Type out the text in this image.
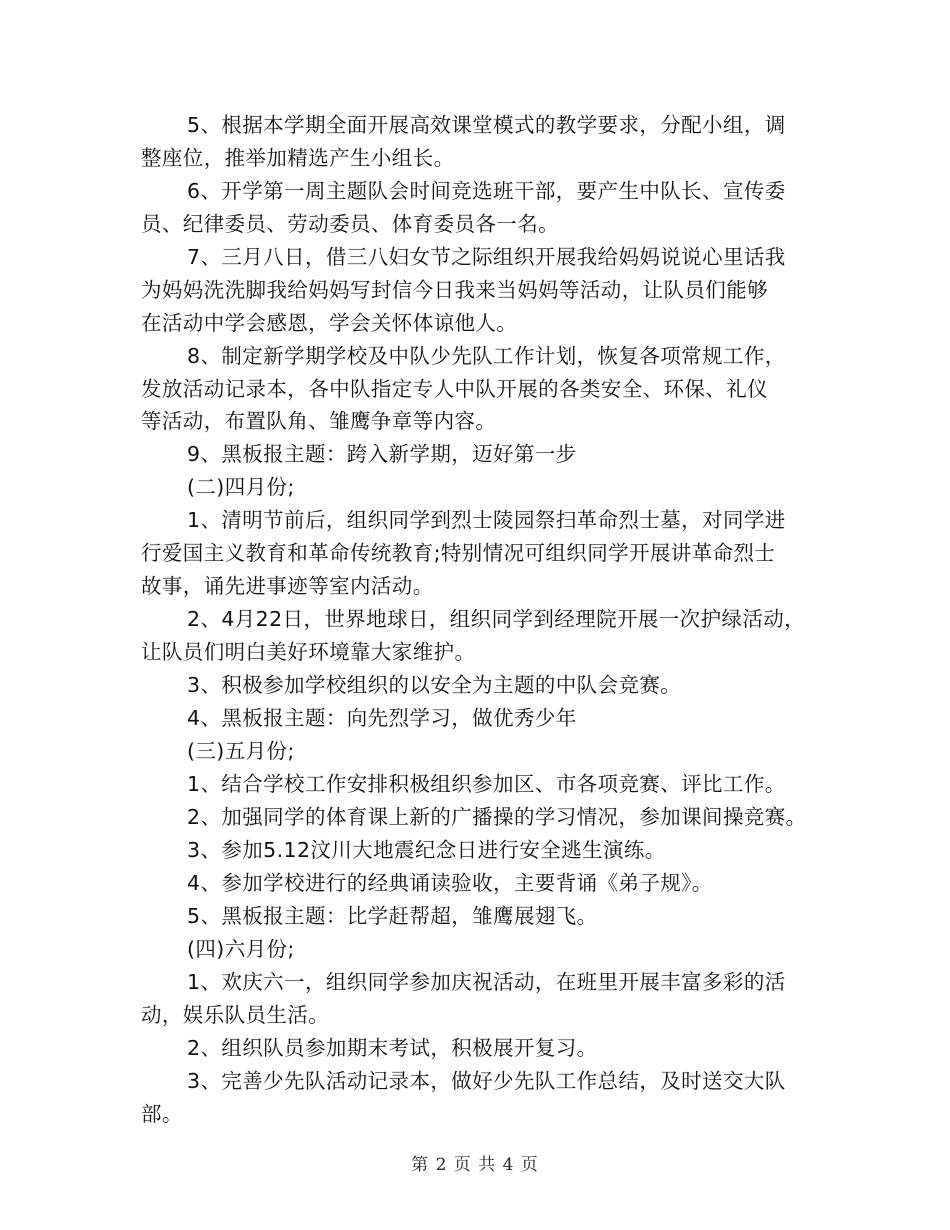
5、根据本学期全面开展高效课堂模式的教学要求，分配小组，调
整座位，推举加精选产生小组长。
6、开学第一周主题队会时间竞选班干部，要产生中队长、宣传委
员、纪律委员、劳动委员、体育委员各一名。
7、三月八日，借三八妇女节之际组织开展我给妈妈说说心里话我
为妈妈洗洗脚我给妈妈写封信今日我来当妈妈等活动，让队员们能够
在活动中学会感恩，学会关怀体谅他人。
8、制定新学期学校及中队少先队工作计划，恢复各项常规工作，
发放活动记录本，各中队指定专人中队开展的各类安全、环保、礼仪
等活动，布置队角、雏鹰争章等内容。
9、黑板报主题：跨入新学期，迈好第一步
(二)四月份;
1、清明节前后，组织同学到烈士陵园祭扫革命烈士墓，对同学进
行爱国主义教育和革命传统教育;特别情况可组织同学开展讲革命烈士
故事，诵先进事迹等室内活动。
2、4月22日，世界地球日，组织同学到经理院开展一次护绿活动，
让队员们明白美好环境靠大家维护。
3、积极参加学校组织的以安全为主题的中队会竞赛。
4、黑板报主题：向先烈学习，做优秀少年
(三)五月份;
1、结合学校工作安排积极组织参加区、市各项竞赛、评比工作。
2、加强同学的体育课上新的广播操的学习情况，参加课间操竞赛。
3、参加5.12汶川大地震纪念日进行安全逃生演练。
4、参加学校进行的经典诵读验收，主要背诵《弟子规》。
5、黑板报主题：比学赶帮超，雏鹰展翅飞。
(四)六月份;
1、欢庆六一，组织同学参加庆祝活动，在班里开展丰富多彩的活
动，娱乐队员生活。
2、组织队员参加期末考试，积极展开复习。
3、完善少先队活动记录本，做好少先队工作总结，及时送交大队
部。
第 2 页 共 4 页
